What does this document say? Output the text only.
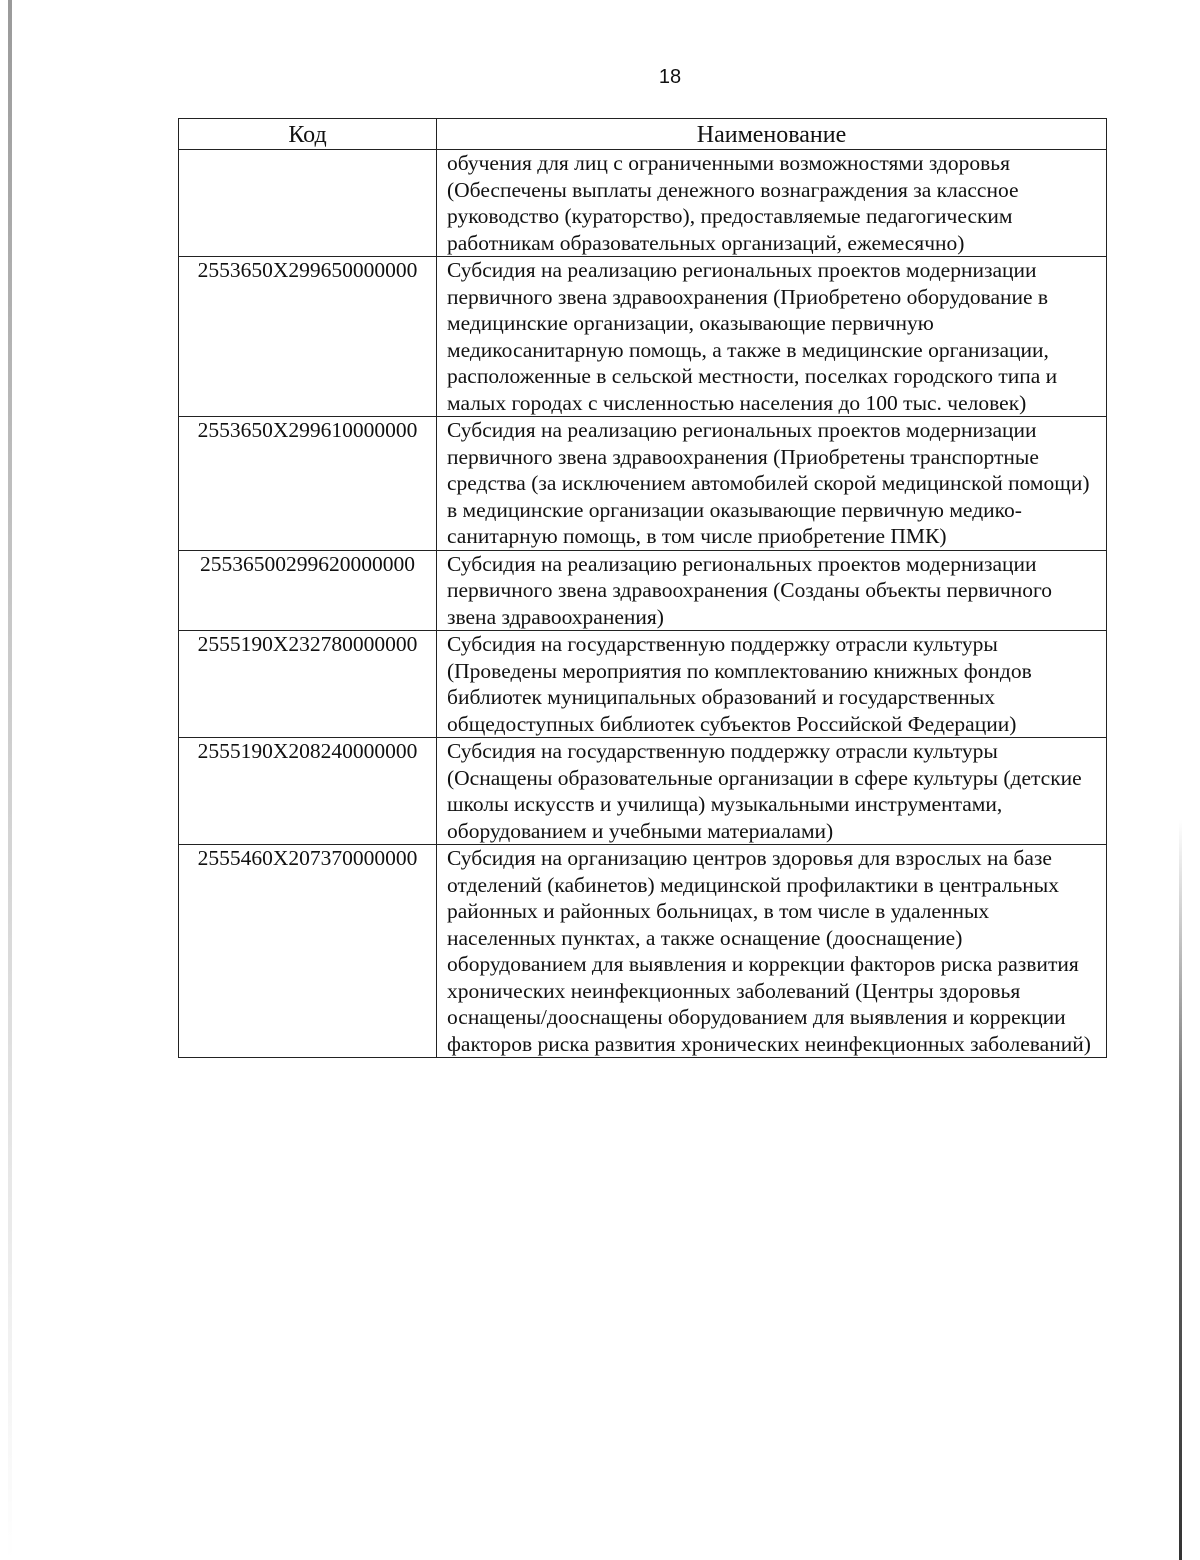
18
Код	Наименование
	обучения для лиц с ограниченными возможностями здоровья (Обеспечены выплаты денежного вознаграждения за классное руководство (кураторство), предоставляемые педагогическим работникам образовательных организаций, ежемесячно)
2553650Х299650000000	Субсидия на реализацию региональных проектов модернизации первичного звена здравоохранения (Приобретено оборудование в медицинские организации, оказывающие первичную медикосанитарную помощь, а также в медицинские организации, расположенные в сельской местности, поселках городского типа и малых городах с численностью населения до 100 тыс. человек)
2553650Х299610000000	Субсидия на реализацию региональных проектов модернизации первичного звена здравоохранения (Приобретены транспортные средства (за исключением автомобилей скорой медицинской помощи) в медицинские организации оказывающие первичную медико-санитарную помощь, в том числе приобретение ПМК)
25536500299620000000	Субсидия на реализацию региональных проектов модернизации первичного звена здравоохранения (Созданы объекты первичного звена здравоохранения)
2555190Х232780000000	Субсидия на государственную поддержку отрасли культуры (Проведены мероприятия по комплектованию книжных фондов библиотек муниципальных образований и государственных общедоступных библиотек субъектов Российской Федерации)
2555190Х208240000000	Субсидия на государственную поддержку отрасли культуры (Оснащены образовательные организации в сфере культуры (детские школы искусств и училища) музыкальными инструментами, оборудованием и учебными материалами)
2555460Х207370000000	Субсидия на организацию центров здоровья для взрослых на базе отделений (кабинетов) медицинской профилактики в центральных районных и районных больницах, в том числе в удаленных населенных пунктах, а также оснащение (дооснащение) оборудованием для выявления и коррекции факторов риска развития хронических неинфекционных заболеваний (Центры здоровья оснащены/дооснащены оборудованием для выявления и коррекции факторов риска развития хронических неинфекционных заболеваний)
